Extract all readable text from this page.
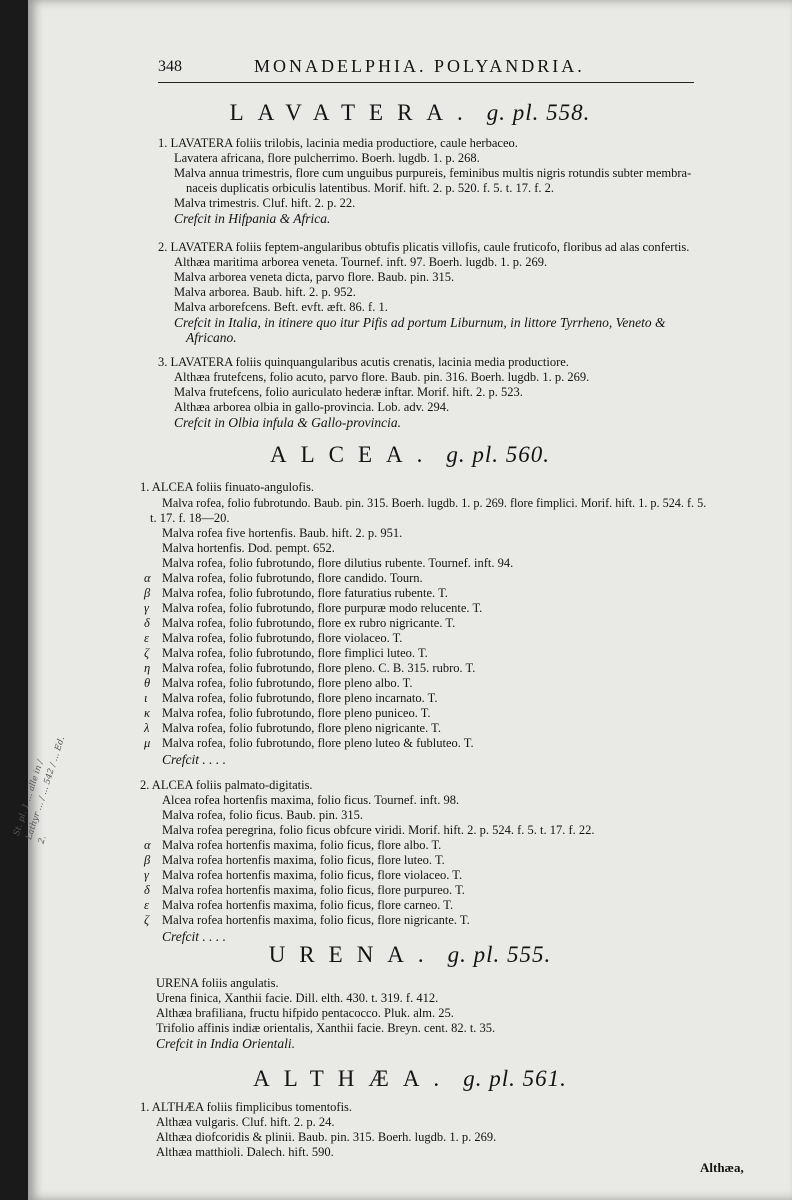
348	MONADELPHIA. POLYANDRIA.
LAVATERA. g. pl. 558.
1. LAVATERA foliis trilobis, lacinia media productiore, caule herbaceo.
Lavatera africana, flore pulcherrimo. Boerh. lugdb. 1. p. 268.
Malva annua trimestris, flore cum unguibus purpureis, feminibus multis nigris rotundis subter membra-
naceis duplicatis orbiculis latentibus. Morif. hift. 2. p. 520. f. 5. t. 17. f. 2.
Malva trimestris. Cluf. hift. 2. p. 22.
Crefcit in Hifpania & Africa.
2. LAVATERA foliis feptem-angularibus obtufis plicatis villofis, caule fruticofo, floribus ad alas confertis.
Althæa maritima arborea veneta. Tournef. inft. 97. Boerh. lugdb. 1. p. 269.
Malva arborea veneta dicta, parvo flore. Baub. pin. 315.
Malva arborea. Baub. hift. 2. p. 952.
Malva arborefcens. Beft. evft. æft. 86. f. 1.
Crefcit in Italia, in itinere quo itur Pifis ad portum Liburnum, in littore Tyrrheno, Veneto &
Africano.
3. LAVATERA foliis quinquangularibus acutis crenatis, lacinia media productiore.
Althæa frutefcens, folio acuto, parvo flore. Baub. pin. 316. Boerh. lugdb. 1. p. 269.
Malva frutefcens, folio auriculato hederæ inftar. Morif. hift. 2. p. 523.
Althæa arborea olbia in gallo-provincia. Lob. adv. 294.
Crefcit in Olbia infula & Gallo-provincia.
ALCEA. g. pl. 560.
1. ALCEA foliis finuato-angulofis.
Malva rofea, folio fubrotundo. Baub. pin. 315. Boerh. lugdb. 1. p. 269. flore fimplici. Morif. hift. 1. p. 524. f. 5.
t. 17. f. 18—20.
Malva rofea five hortenfis. Baub. hift. 2. p. 951.
Malva hortenfis. Dod. pempt. 652.
Malva rofea, folio fubrotundo, flore dilutius rubente. Tournef. inft. 94.
α Malva rofea, folio fubrotundo, flore candido. Tourn.
β Malva rofea, folio fubrotundo, flore faturatius rubente. T.
γ Malva rofea, folio fubrotundo, flore purpuræ modo relucente. T.
δ Malva rofea, folio fubrotundo, flore ex rubro nigricante. T.
ε Malva rofea, folio fubrotundo, flore violaceo. T.
ζ Malva rofea, folio fubrotundo, flore fimplici luteo. T.
η Malva rofea, folio fubrotundo, flore pleno. C. B. 315. rubro. T.
θ Malva rofea, folio fubrotundo, flore pleno albo. T.
ι Malva rofea, folio fubrotundo, flore pleno incarnato. T.
κ Malva rofea, folio fubrotundo, flore pleno puniceo. T.
λ Malva rofea, folio fubrotundo, flore pleno nigricante. T.
μ Malva rofea, folio fubrotundo, flore pleno luteo & fubluteo. T.
Crefcit . . . .
2. ALCEA foliis palmato-digitatis.
Alcea rofea hortenfis maxima, folio ficus. Tournef. inft. 98.
Malva rofea, folio ficus. Baub. pin. 315.
Malva rofea peregrina, folio ficus obfcure viridi. Morif. hift. 2. p. 524. f. 5. t. 17. f. 22.
α Malva rofea hortenfis maxima, folio ficus, flore albo. T.
β Malva rofea hortenfis maxima, folio ficus, flore luteo. T.
γ Malva rofea hortenfis maxima, folio ficus, flore violaceo. T.
δ Malva rofea hortenfis maxima, folio ficus, flore purpureo. T.
ε Malva rofea hortenfis maxima, folio ficus, flore carneo. T.
ζ Malva rofea hortenfis maxima, folio ficus, flore nigricante. T.
Crefcit . . . .
URENA. g. pl. 555.
URENA foliis angulatis.
Urena finica, Xanthii facie. Dill. elth. 430. t. 319. f. 412.
Althæa brafiliana, fructu hifpido pentacocco. Pluk. alm. 25.
Trifolio affinis indiæ orientalis, Xanthii facie. Breyn. cent. 82. t. 35.
Crefcit in India Orientali.
ALTHÆA. g. pl. 561.
1. ALTHÆA foliis fimplicibus tomentofis.
Althæa vulgaris. Cluf. hift. 2. p. 24.
Althæa diofcoridis & plinii. Baub. pin. 315. Boerh. lugdb. 1. p. 269.
Althæa matthioli. Dalech. hift. 590.
St. pl. 1 ... alle in / Lathyr ... / ... 542 / ... Ed. 2.
Althæa,
